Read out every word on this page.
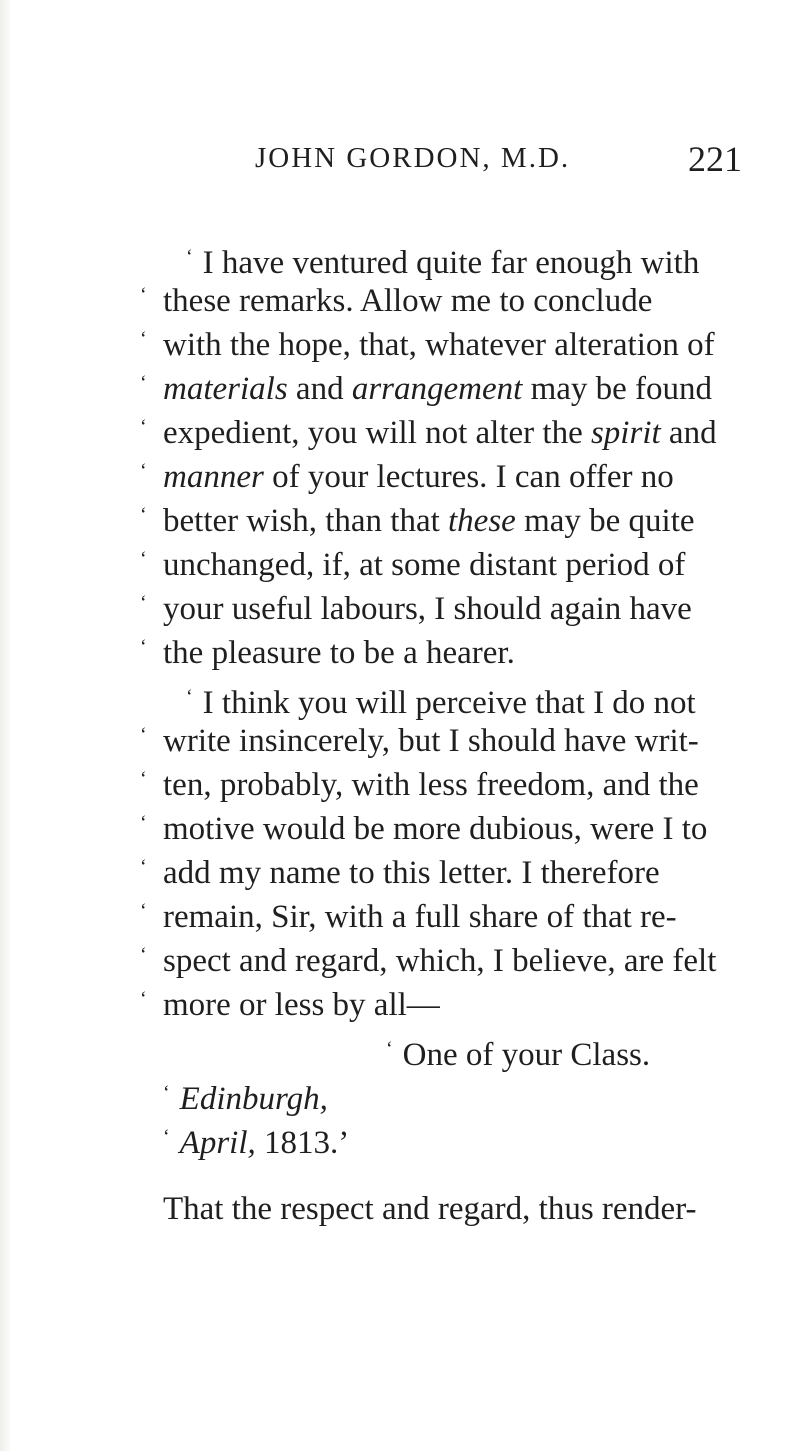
JOHN GORDON, M.D.	221
‘ I have ventured quite far enough with
‘ these remarks. Allow me to conclude
‘ with the hope, that, whatever alteration of
‘ materials and arrangement may be found
‘ expedient, you will not alter the spirit and
‘ manner of your lectures. I can offer no
‘ better wish, than that these may be quite
‘ unchanged, if, at some distant period of
‘ your useful labours, I should again have
‘ the pleasure to be a hearer.
‘ I think you will perceive that I do not
‘ write insincerely, but I should have writ-
‘ ten, probably, with less freedom, and the
‘ motive would be more dubious, were I to
‘ add my name to this letter. I therefore
‘ remain, Sir, with a full share of that re-
‘ spect and regard, which, I believe, are felt
‘ more or less by all—
‘ One of your Class.
‘ Edinburgh,
‘ April, 1813.’
That the respect and regard, thus render-
